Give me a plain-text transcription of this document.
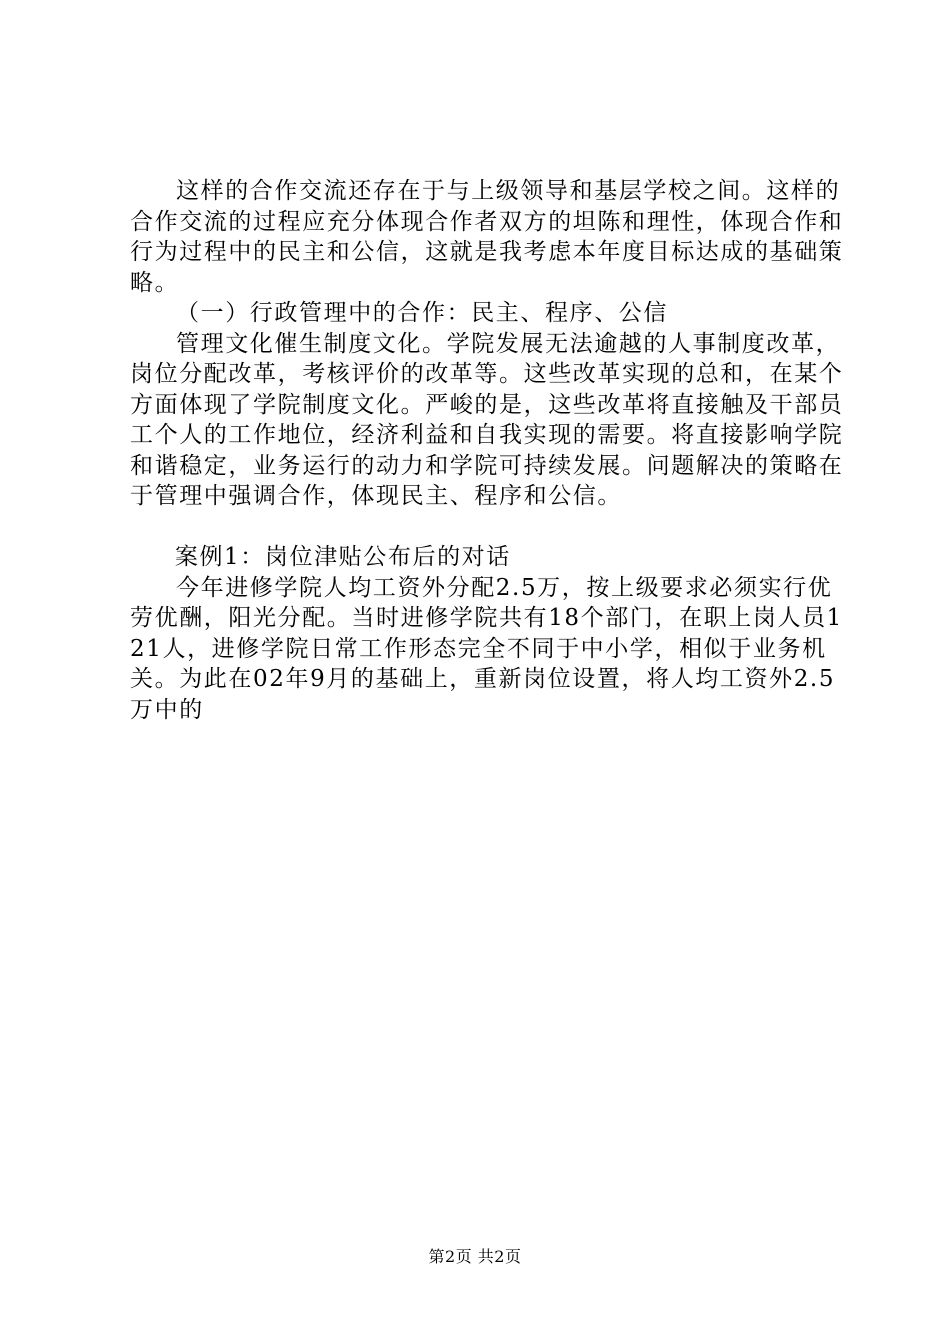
这样的合作交流还存在于与上级领导和基层学校之间。这样的合作交流的过程应充分体现合作者双方的坦陈和理性，体现合作和行为过程中的民主和公信，这就是我考虑本年度目标达成的基础策略。

（一）行政管理中的合作：民主、程序、公信

管理文化催生制度文化。学院发展无法逾越的人事制度改革，岗位分配改革，考核评价的改革等。这些改革实现的总和，在某个方面体现了学院制度文化。严峻的是，这些改革将直接触及干部员工个人的工作地位，经济利益和自我实现的需要。将直接影响学院和谐稳定，业务运行的动力和学院可持续发展。问题解决的策略在于管理中强调合作，体现民主、程序和公信。

案例1：岗位津贴公布后的对话

今年进修学院人均工资外分配2.5万，按上级要求必须实行优劳优酬，阳光分配。当时进修学院共有18个部门，在职上岗人员121人，进修学院日常工作形态完全不同于中小学，相似于业务机关。为此在02年9月的基础上，重新岗位设置，将人均工资外2.5万中的

第2页 共2页
